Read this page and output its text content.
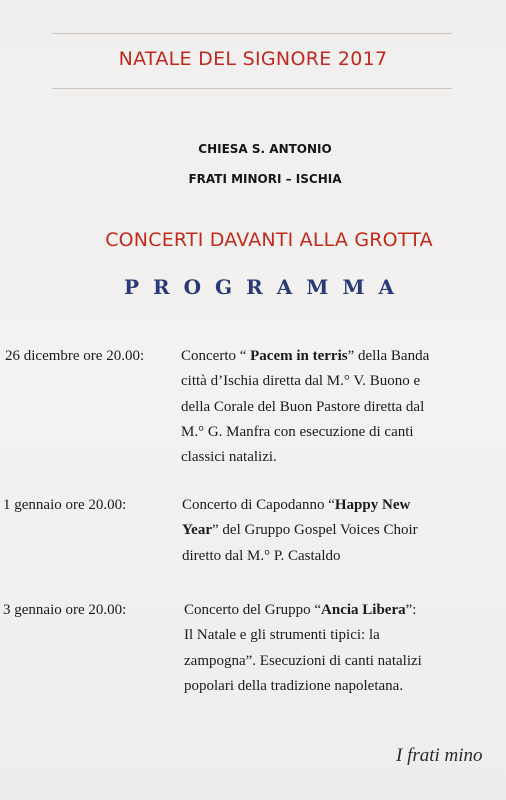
NATALE DEL SIGNORE 2017
CHIESA S. ANTONIO
FRATI MINORI – ISCHIA
CONCERTI DAVANTI ALLA GROTTA
PROGRAMMA
26 dicembre ore 20.00: Concerto “ Pacem in terris” della Banda
città d’Ischia diretta dal M.° V. Buono e
della Corale del Buon Pastore diretta dal
M.° G. Manfra con esecuzione di canti
classici natalizi.
1 gennaio ore 20.00:	Concerto di Capodanno “Happy New
Year” del Gruppo Gospel Voices Choir
diretto dal M.° P. Castaldo
3 gennaio ore 20.00:	Concerto del Gruppo “Ancia Libera”:
Il Natale e gli strumenti tipici: la
zampogna”. Esecuzioni di canti natalizi
popolari della tradizione napoletana.
I frati mino
